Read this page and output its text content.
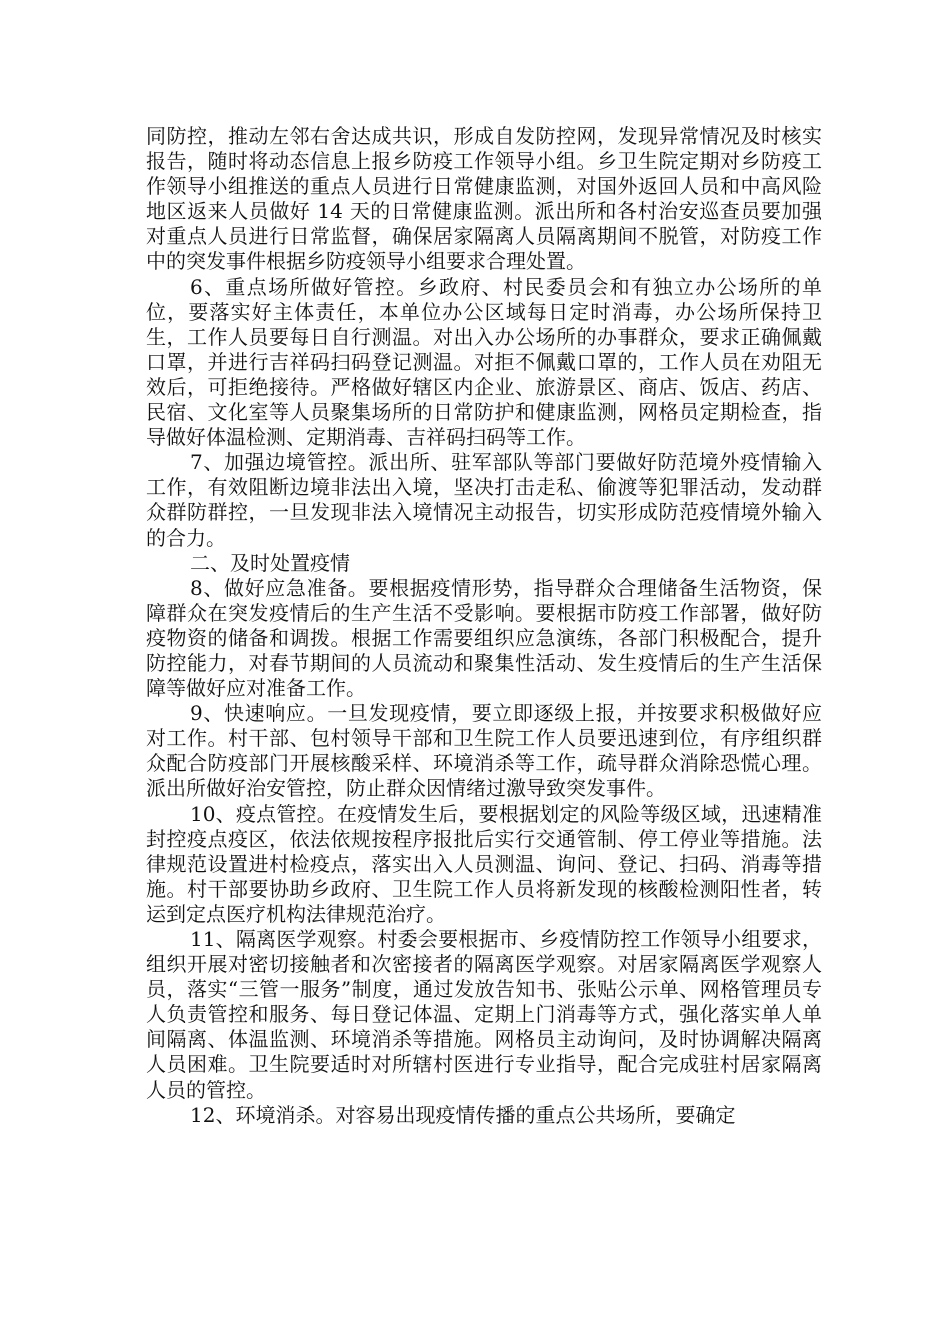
同防控，推动左邻右舍达成共识，形成自发防控网，发现异常情况及时核实报告，随时将动态信息上报乡防疫工作领导小组。乡卫生院定期对乡防疫工作领导小组推送的重点人员进行日常健康监测，对国外返回人员和中高风险地区返来人员做好 14 天的日常健康监测。派出所和各村治安巡查员要加强对重点人员进行日常监督，确保居家隔离人员隔离期间不脱管，对防疫工作中的突发事件根据乡防疫领导小组要求合理处置。

6、重点场所做好管控。乡政府、村民委员会和有独立办公场所的单位，要落实好主体责任，本单位办公区域每日定时消毒，办公场所保持卫生，工作人员要每日自行测温。对出入办公场所的办事群众，要求正确佩戴口罩，并进行吉祥码扫码登记测温。对拒不佩戴口罩的，工作人员在劝阻无效后，可拒绝接待。严格做好辖区内企业、旅游景区、商店、饭店、药店、民宿、文化室等人员聚集场所的日常防护和健康监测，网格员定期检查，指导做好体温检测、定期消毒、吉祥码扫码等工作。

7、加强边境管控。派出所、驻军部队等部门要做好防范境外疫情输入工作，有效阻断边境非法出入境，坚决打击走私、偷渡等犯罪活动，发动群众群防群控，一旦发现非法入境情况主动报告，切实形成防范疫情境外输入的合力。

二、及时处置疫情

8、做好应急准备。要根据疫情形势，指导群众合理储备生活物资，保障群众在突发疫情后的生产生活不受影响。要根据市防疫工作部署，做好防疫物资的储备和调拨。根据工作需要组织应急演练，各部门积极配合，提升防控能力，对春节期间的人员流动和聚集性活动、发生疫情后的生产生活保障等做好应对准备工作。

9、快速响应。一旦发现疫情，要立即逐级上报，并按要求积极做好应对工作。村干部、包村领导干部和卫生院工作人员要迅速到位，有序组织群众配合防疫部门开展核酸采样、环境消杀等工作，疏导群众消除恐慌心理。派出所做好治安管控，防止群众因情绪过激导致突发事件。

10、疫点管控。在疫情发生后，要根据划定的风险等级区域，迅速精准封控疫点疫区，依法依规按程序报批后实行交通管制、停工停业等措施。法律规范设置进村检疫点，落实出入人员测温、询问、登记、扫码、消毒等措施。村干部要协助乡政府、卫生院工作人员将新发现的核酸检测阳性者，转运到定点医疗机构法律规范治疗。

11、隔离医学观察。村委会要根据市、乡疫情防控工作领导小组要求，组织开展对密切接触者和次密接者的隔离医学观察。对居家隔离医学观察人员，落实“三管一服务”制度，通过发放告知书、张贴公示单、网格管理员专人负责管控和服务、每日登记体温、定期上门消毒等方式，强化落实单人单间隔离、体温监测、环境消杀等措施。网格员主动询问，及时协调解决隔离人员困难。卫生院要适时对所辖村医进行专业指导，配合完成驻村居家隔离人员的管控。

12、环境消杀。对容易出现疫情传播的重点公共场所，要确定
